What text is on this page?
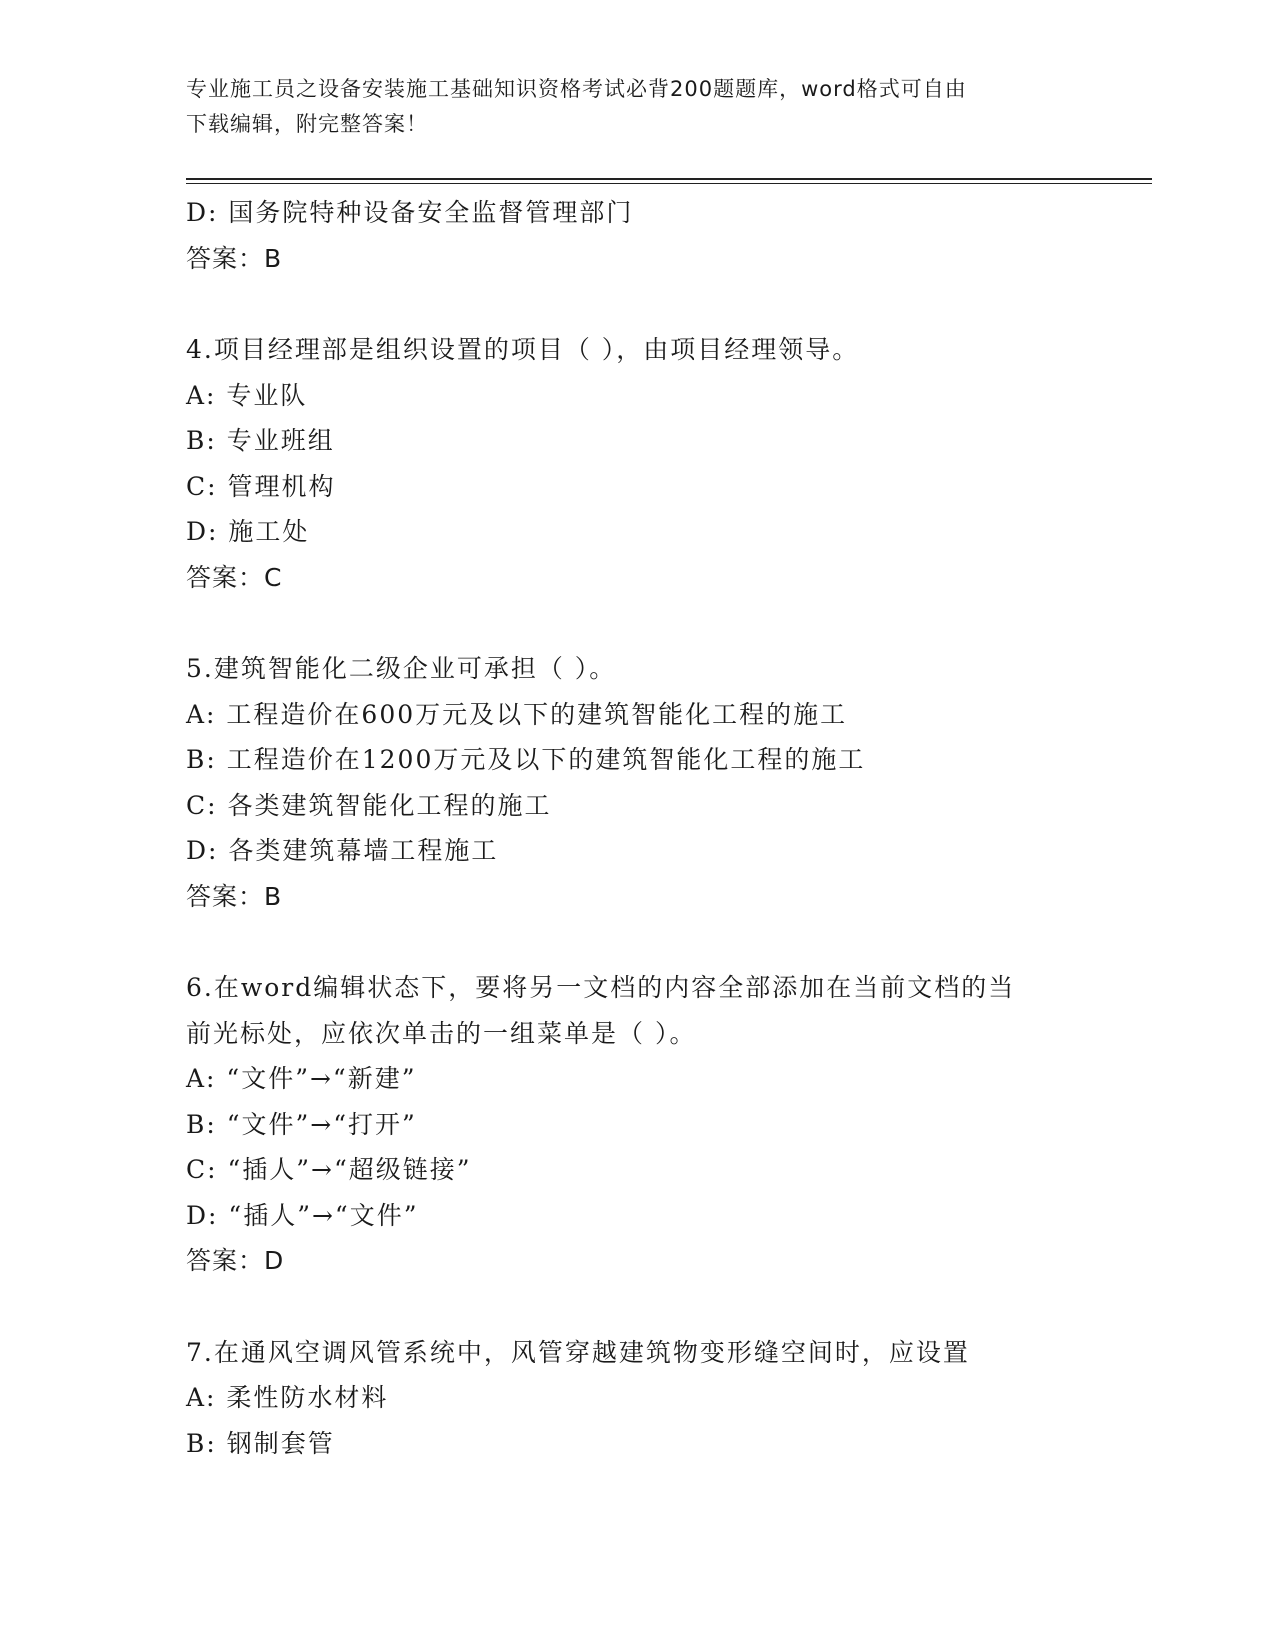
专业施工员之设备安装施工基础知识资格考试必背200题题库，word格式可自由
下载编辑，附完整答案！
D: 国务院特种设备安全监督管理部门
答案：B
4.项目经理部是组织设置的项目（ ），由项目经理领导。
A: 专业队
B: 专业班组
C: 管理机构
D: 施工处
答案：C
5.建筑智能化二级企业可承担（ ）。
A: 工程造价在600万元及以下的建筑智能化工程的施工
B: 工程造价在1200万元及以下的建筑智能化工程的施工
C: 各类建筑智能化工程的施工
D: 各类建筑幕墙工程施工
答案：B
6.在word编辑状态下，要将另一文档的内容全部添加在当前文档的当
前光标处，应依次单击的一组菜单是（ ）。
A: “文件”→“新建”
B: “文件”→“打开”
C: “插人”→“超级链接”
D: “插人”→“文件”
答案：D
7.在通风空调风管系统中，风管穿越建筑物变形缝空间时，应设置
A: 柔性防水材料
B: 钢制套管
